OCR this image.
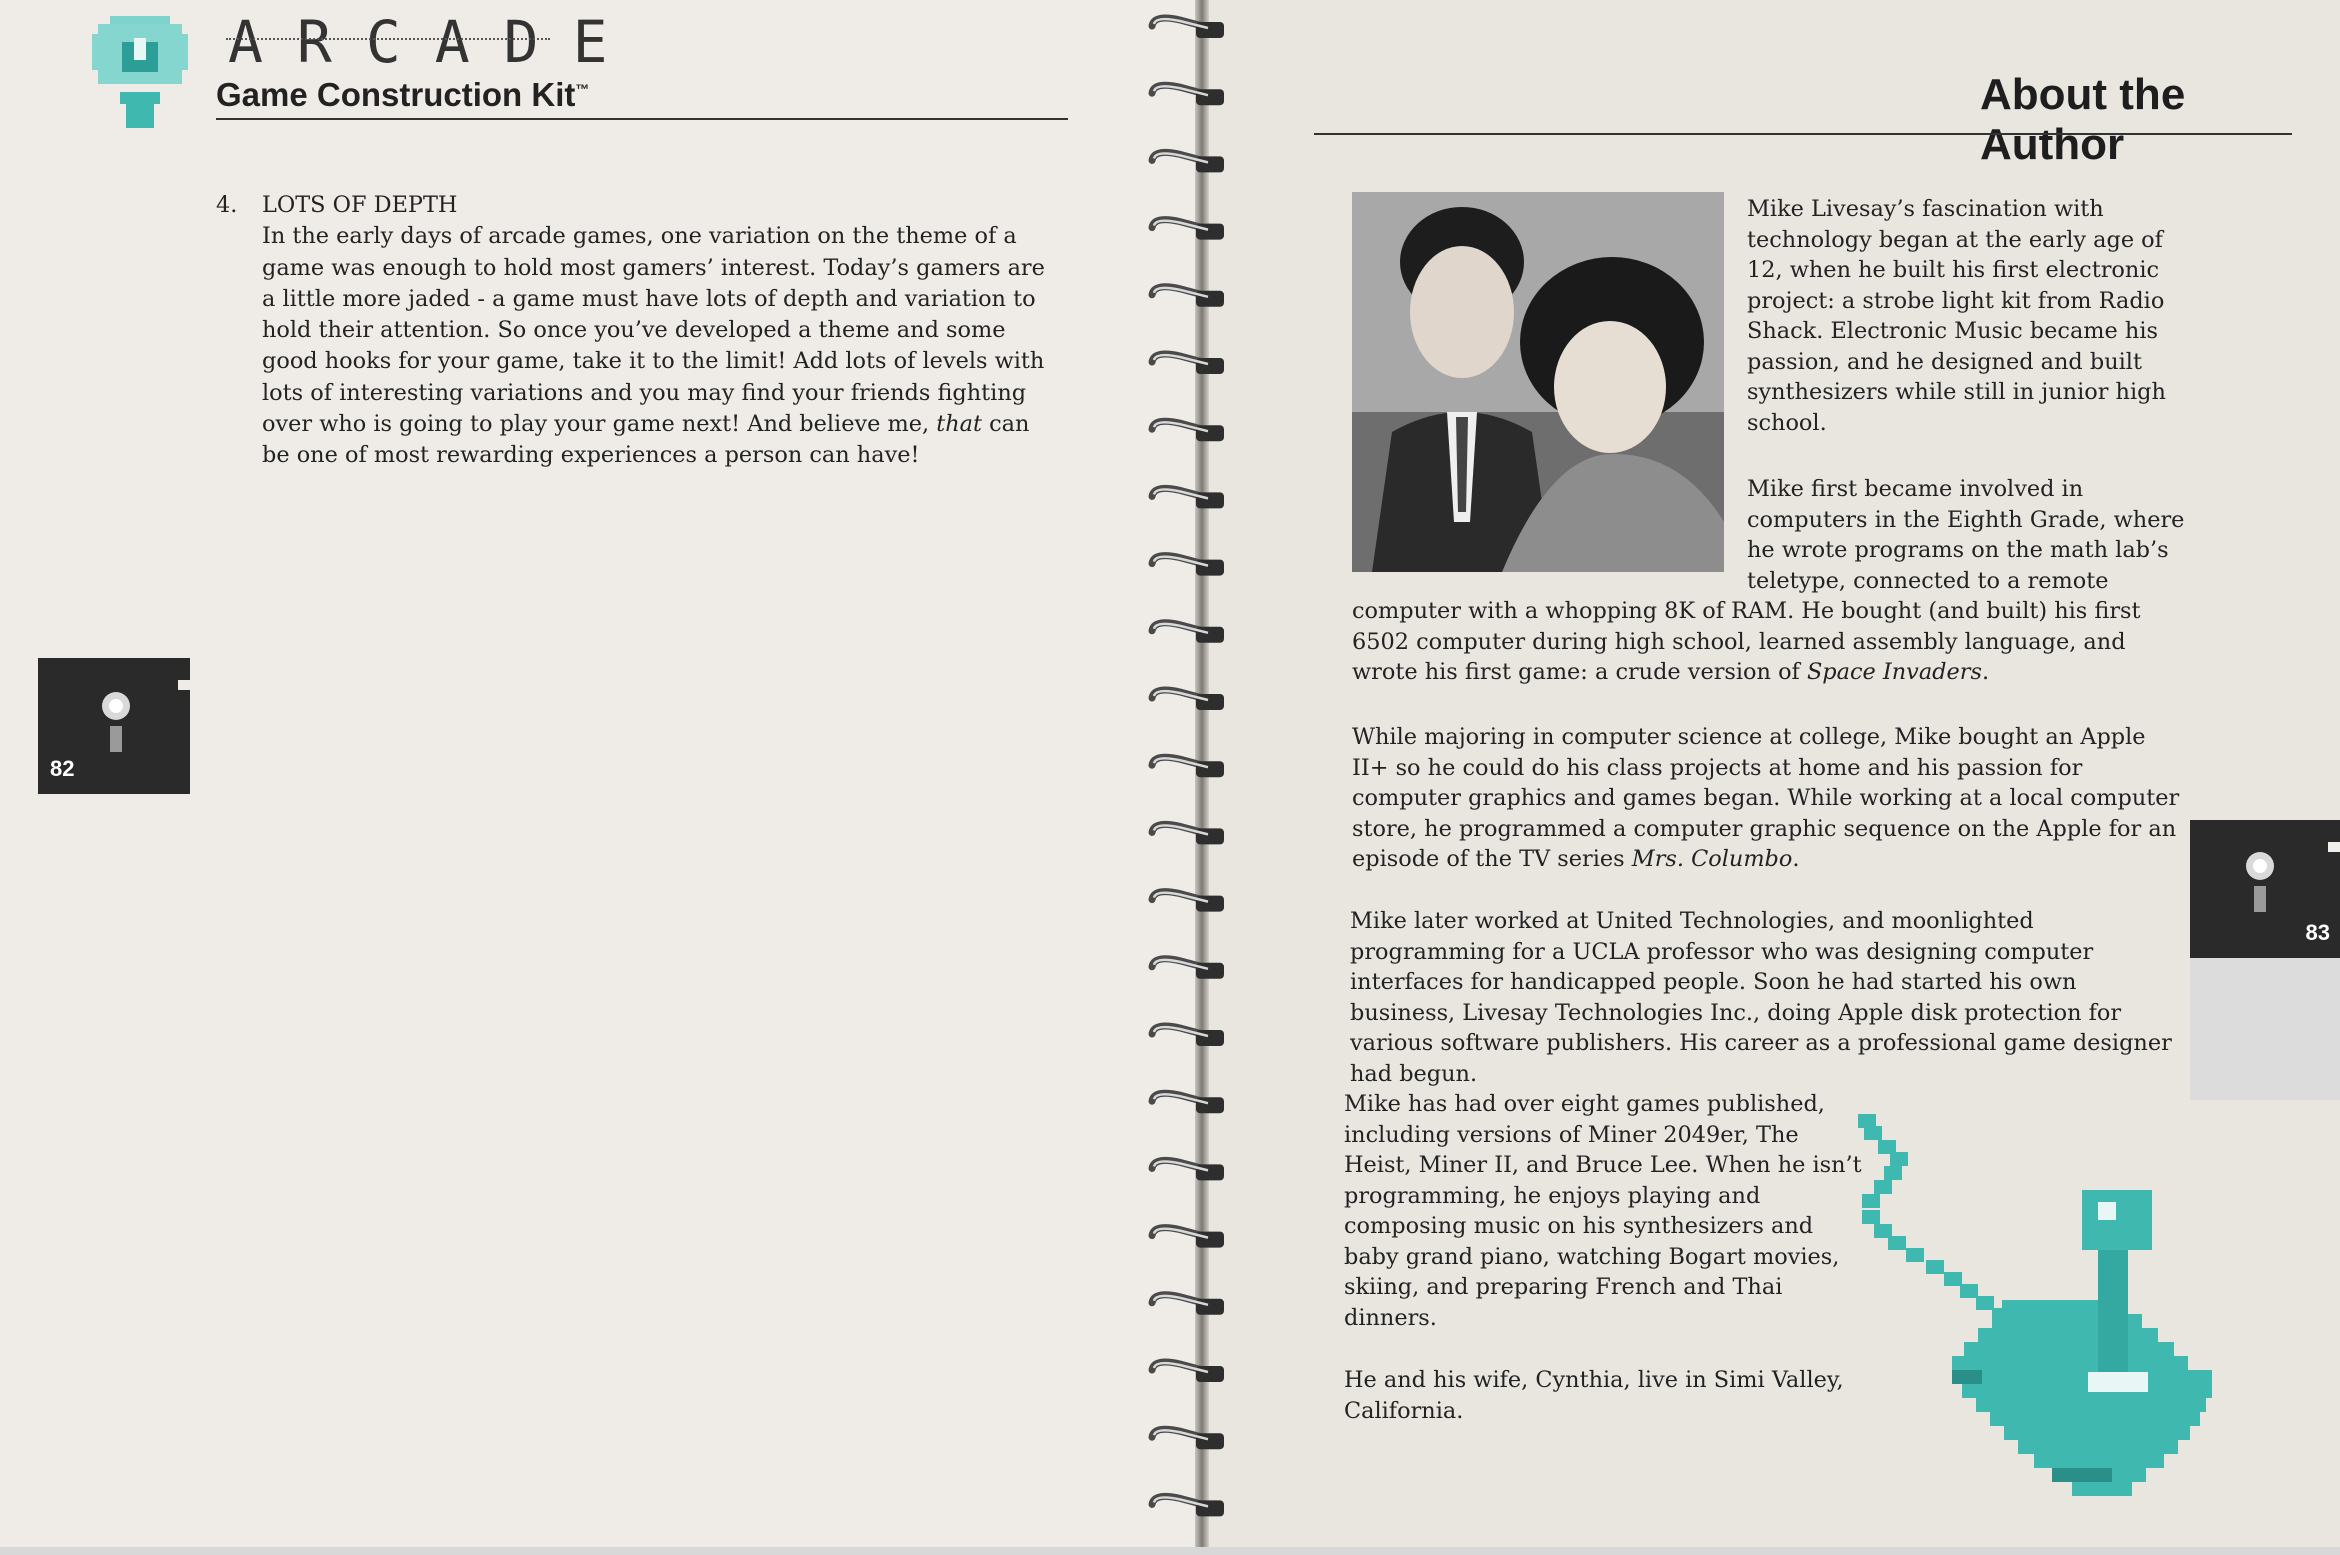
ARCADE
Game Construction Kit™
4. LOTS OF DEPTH

In the early days of arcade games, one variation on the theme of a game was enough to hold most gamers’ interest. Today’s gamers are a little more jaded - a game must have lots of depth and variation to hold their attention. So once you’ve developed a theme and some good hooks for your game, take it to the limit! Add lots of levels with lots of interesting variations and you may find your friends fighting over who is going to play your game next! And believe me, that can be one of most rewarding experiences a person can have!

82
About the Author

Mike Livesay’s fascination with technology began at the early age of 12, when he built his first electronic project: a strobe light kit from Radio Shack. Electronic Music became his passion, and he designed and built synthesizers while still in junior high school.

Mike first became involved in computers in the Eighth Grade, where he wrote programs on the math lab’s teletype, connected to a remote

computer with a whopping 8K of RAM. He bought (and built) his first 6502 computer during high school, learned assembly language, and wrote his first game: a crude version of Space Invaders.

While majoring in computer science at college, Mike bought an Apple II+ so he could do his class projects at home and his passion for computer graphics and games began. While working at a local computer store, he programmed a computer graphic sequence on the Apple for an episode of the TV series Mrs. Columbo.

Mike later worked at United Technologies, and moonlighted programming for a UCLA professor who was designing computer interfaces for handicapped people. Soon he had started his own business, Livesay Technologies Inc., doing Apple disk protection for various software publishers. His career as a professional game designer had begun.

Mike has had over eight games published, including versions of Miner 2049er, The Heist, Miner II, and Bruce Lee. When he isn’t programming, he enjoys playing and composing music on his synthesizers and baby grand piano, watching Bogart movies, skiing, and preparing French and Thai dinners.

He and his wife, Cynthia, live in Simi Valley, California.

83
